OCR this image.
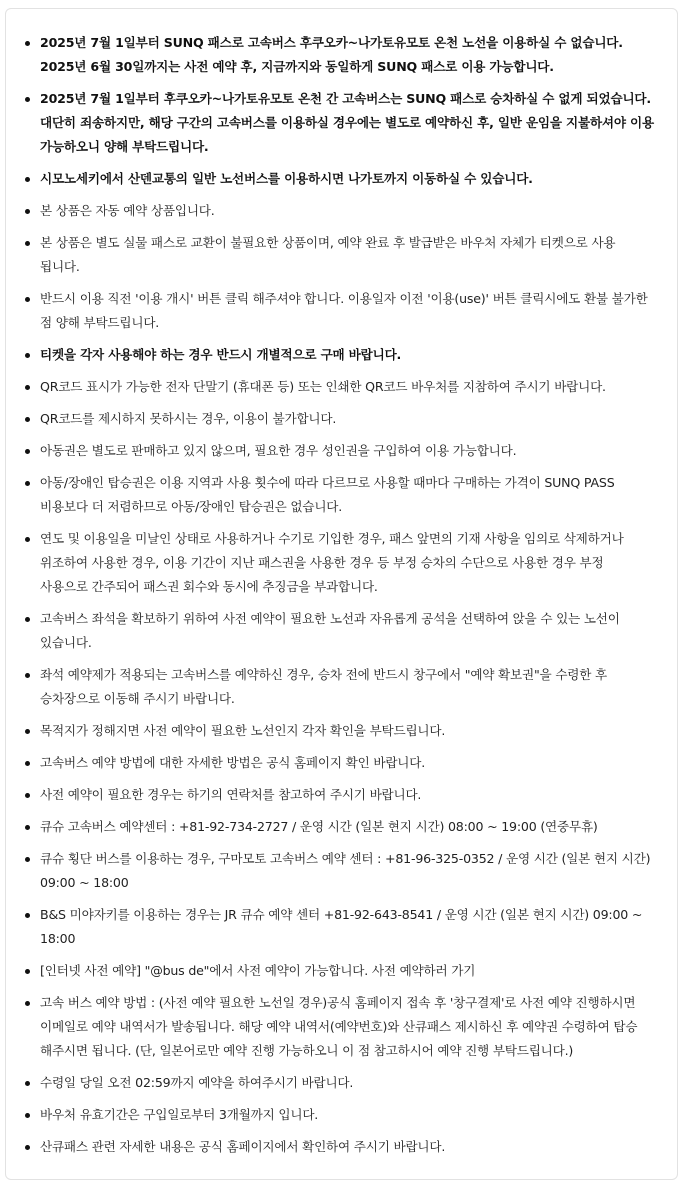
2025년 7월 1일부터 SUNQ 패스로 고속버스 후쿠오카~나가토유모토 온천 노선을 이용하실 수 없습니다. 2025년 6월 30일까지는 사전 예약 후, 지금까지와 동일하게 SUNQ 패스로 이용 가능합니다.
2025년 7월 1일부터 후쿠오카~나가토유모토 온천 간 고속버스는 SUNQ 패스로 승차하실 수 없게 되었습니다. 대단히 죄송하지만, 해당 구간의 고속버스를 이용하실 경우에는 별도로 예약하신 후, 일반 운임을 지불하셔야 이용 가능하오니 양해 부탁드립니다.
시모노세키에서 산덴교통의 일반 노선버스를 이용하시면 나가토까지 이동하실 수 있습니다.
본 상품은 자동 예약 상품입니다.
본 상품은 별도 실물 패스로 교환이 불필요한 상품이며, 예약 완료 후 발급받은 바우처 자체가 티켓으로 사용 됩니다.
반드시 이용 직전 '이용 개시' 버튼 클릭 해주셔야 합니다. 이용일자 이전 '이용(use)' 버튼 클릭시에도 환불 불가한 점 양해 부탁드립니다.
티켓을 각자 사용해야 하는 경우 반드시 개별적으로 구매 바랍니다.
QR코드 표시가 가능한 전자 단말기 (휴대폰 등) 또는 인쇄한 QR코드 바우처를 지참하여 주시기 바랍니다.
QR코드를 제시하지 못하시는 경우, 이용이 불가합니다.
아동권은 별도로 판매하고 있지 않으며, 필요한 경우 성인권을 구입하여 이용 가능합니다.
아동/장애인 탑승권은 이용 지역과 사용 횟수에 따라 다르므로 사용할 때마다 구매하는 가격이 SUNQ PASS 비용보다 더 저렴하므로 아동/장애인 탑승권은 없습니다.
연도 및 이용일을 미날인 상태로 사용하거나 수기로 기입한 경우, 패스 앞면의 기재 사항을 임의로 삭제하거나 위조하여 사용한 경우, 이용 기간이 지난 패스권을 사용한 경우 등 부정 승차의 수단으로 사용한 경우 부정 사용으로 간주되어 패스권 회수와 동시에 추징금을 부과합니다.
고속버스 좌석을 확보하기 위하여 사전 예약이 필요한 노선과 자유롭게 공석을 선택하여 앉을 수 있는 노선이 있습니다.
좌석 예약제가 적용되는 고속버스를 예약하신 경우, 승차 전에 반드시 창구에서 "예약 확보권"을 수령한 후 승차장으로 이동해 주시기 바랍니다.
목적지가 정해지면 사전 예약이 필요한 노선인지 각자 확인을 부탁드립니다.
고속버스 예약 방법에 대한 자세한 방법은 공식 홈페이지 확인 바랍니다.
사전 예약이 필요한 경우는 하기의 연락처를 참고하여 주시기 바랍니다.
큐슈 고속버스 예약센터 : +81-92-734-2727 / 운영 시간 (일본 현지 시간) 08:00 ~ 19:00 (연중무휴)
큐슈 횡단 버스를 이용하는 경우, 구마모토 고속버스 예약 센터 : +81-96-325-0352 / 운영 시간 (일본 현지 시간) 09:00 ~ 18:00
B&S 미야자키를 이용하는 경우는 JR 큐슈 예약 센터 +81-92-643-8541 / 운영 시간 (일본 현지 시간) 09:00 ~ 18:00
[인터넷 사전 예약] "@bus de"에서 사전 예약이 가능합니다. 사전 예약하러 가기
고속 버스 예약 방법 : (사전 예약 필요한 노선일 경우)공식 홈페이지 접속 후 '창구결제'로 사전 예약 진행하시면 이메일로 예약 내역서가 발송됩니다. 해당 예약 내역서(예약번호)와 산큐패스 제시하신 후 예약권 수령하여 탑승 해주시면 됩니다. (단, 일본어로만 예약 진행 가능하오니 이 점 참고하시어 예약 진행 부탁드립니다.)
수령일 당일 오전 02:59까지 예약을 하여주시기 바랍니다.
바우처 유효기간은 구입일로부터 3개월까지 입니다.
산큐패스 관련 자세한 내용은 공식 홈페이지에서 확인하여 주시기 바랍니다.
